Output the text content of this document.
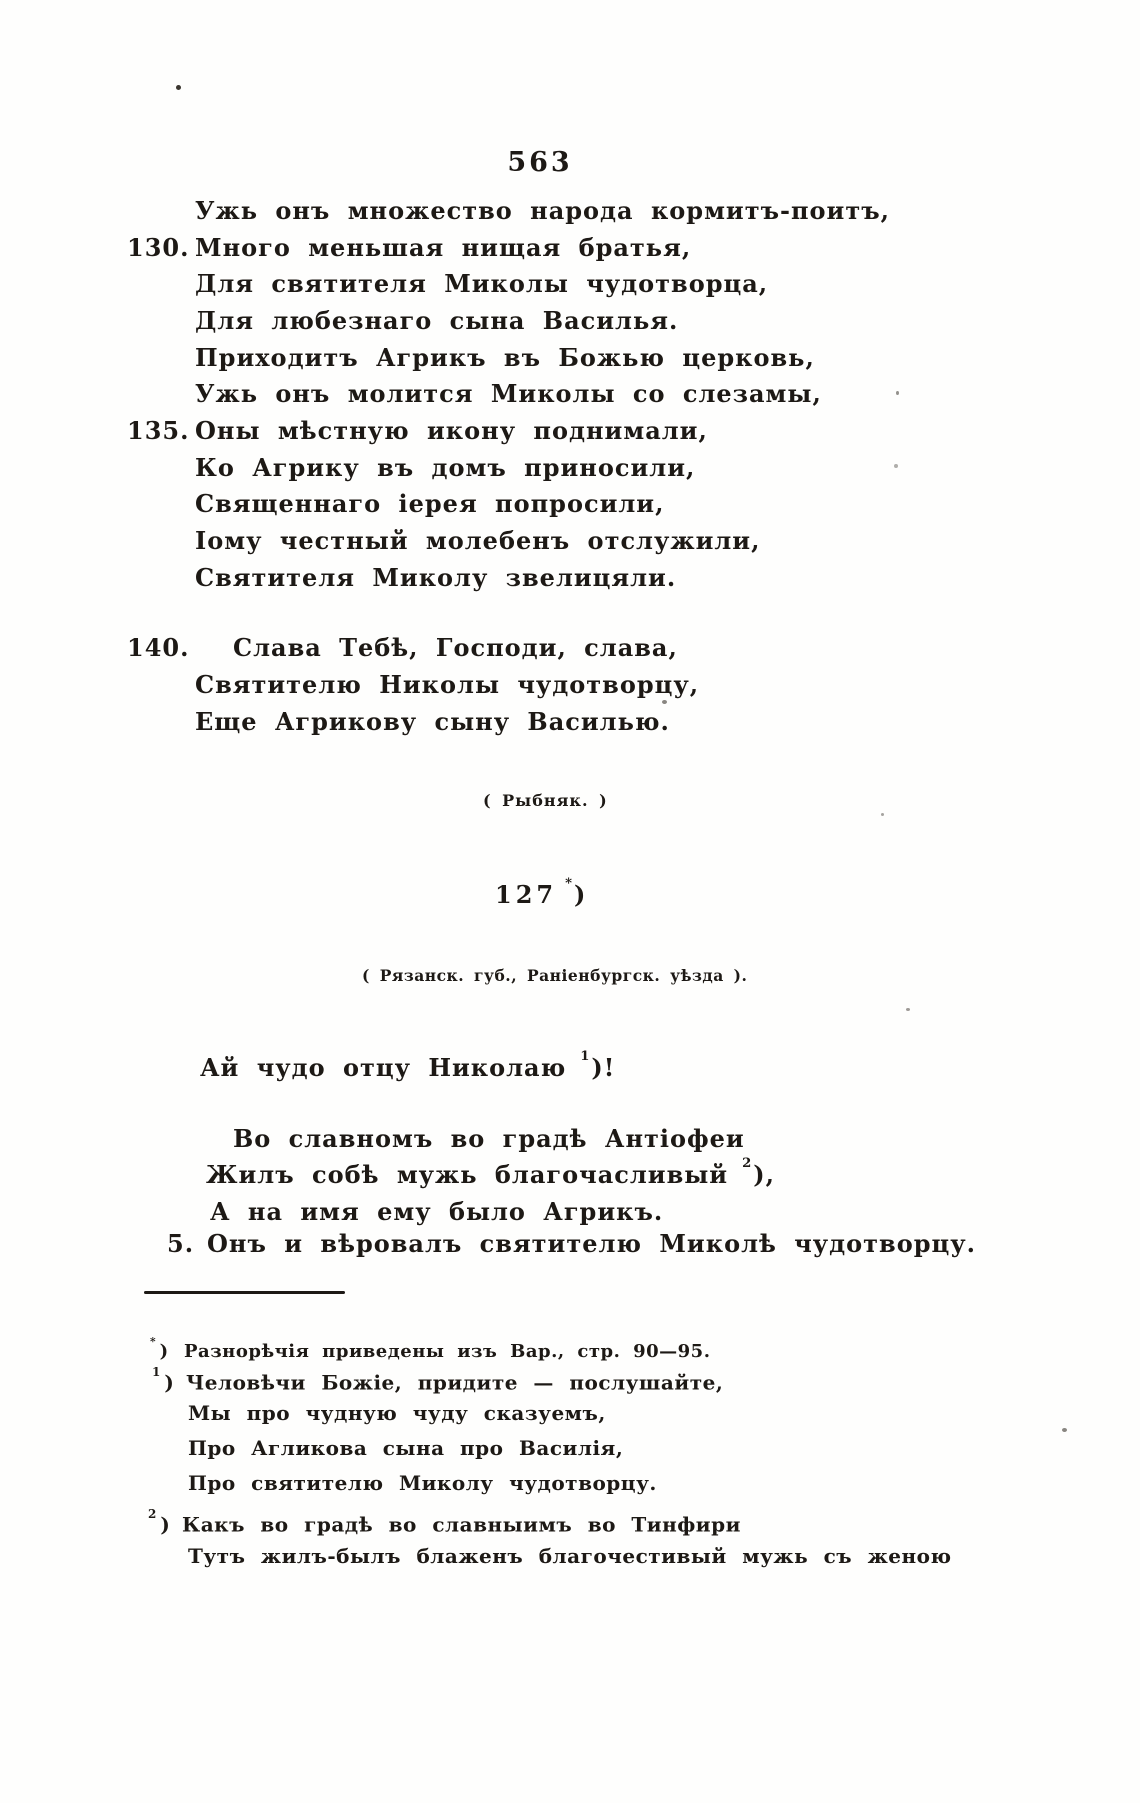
563
Ужь онъ множество народа кормитъ-поитъ,
130. Много меньшая нищая братья,
Для святителя Миколы чудотворца,
Для любезнаго сына Василья.
Приходитъ Агрикъ въ Божью церковь,
Ужь онъ молится Миколы со слезамы,
135. Оны мѣстную икону поднимали,
Ко Агрику въ домъ приносили,
Священнаго іерея попросили,
Іому честный молебенъ отслужили,
Святителя Миколу звелицяли.
140. Слава Тебѣ, Господи, слава,
Святителю Николы чудотворцу,
Еще Агрикову сыну Василью.
( Рыбняк. )
127 *)
( Рязанск. губ., Раніенбургск. уѣзда ).
Ай чудо отцу Николаю $^1$)!
Во славномъ во градѣ Антіофеи
Жилъ собѣ мужь благочасливый $^2$),
А на имя ему было Агрикъ.
5. Онъ и вѣровалъ святителю Миколѣ чудотворцу.
* ) Разнорѣчія приведены изъ Вар., стр. 90—95.
$^1$ ) Человѣчи Божіе, придите — послушайте,
Мы про чудную чуду сказуемъ,
Про Агликова сына про Василія,
Про святителю Миколу чудотворцу.
$^2$ ) Какъ во градѣ во славныимъ во Тинфири
Тутъ жилъ-былъ блаженъ благочестивый мужь съ женою
